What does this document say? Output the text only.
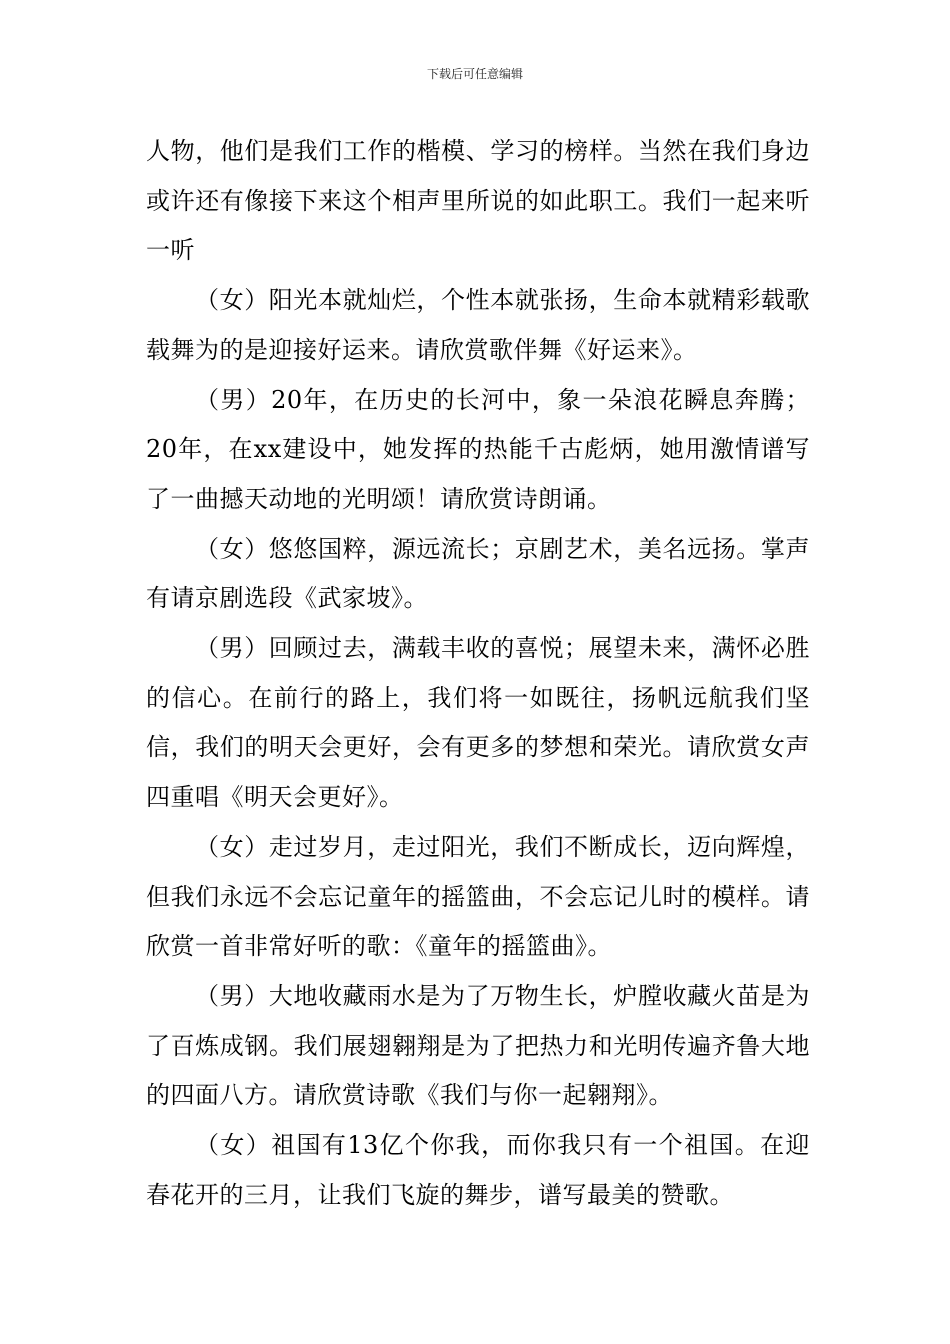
下载后可任意编辑

人物，他们是我们工作的楷模、学习的榜样。当然在我们身边或许还有像接下来这个相声里所说的如此职工。我们一起来听一听

（女）阳光本就灿烂，个性本就张扬，生命本就精彩载歌载舞为的是迎接好运来。请欣赏歌伴舞《好运来》。

（男）20年，在历史的长河中，象一朵浪花瞬息奔腾；20年，在xx建设中，她发挥的热能千古彪炳，她用激情谱写了一曲撼天动地的光明颂！请欣赏诗朗诵。

（女）悠悠国粹，源远流长；京剧艺术，美名远扬。掌声有请京剧选段《武家坡》。

（男）回顾过去，满载丰收的喜悦；展望未来，满怀必胜的信心。在前行的路上，我们将一如既往，扬帆远航我们坚信，我们的明天会更好，会有更多的梦想和荣光。请欣赏女声四重唱《明天会更好》。

（女）走过岁月，走过阳光，我们不断成长，迈向辉煌，但我们永远不会忘记童年的摇篮曲，不会忘记儿时的模样。请欣赏一首非常好听的歌：《童年的摇篮曲》。

（男）大地收藏雨水是为了万物生长，炉膛收藏火苗是为了百炼成钢。我们展翅翱翔是为了把热力和光明传遍齐鲁大地的四面八方。请欣赏诗歌《我们与你一起翱翔》。

（女）祖国有13亿个你我，而你我只有一个祖国。在迎春花开的三月，让我们飞旋的舞步，谱写最美的赞歌。
